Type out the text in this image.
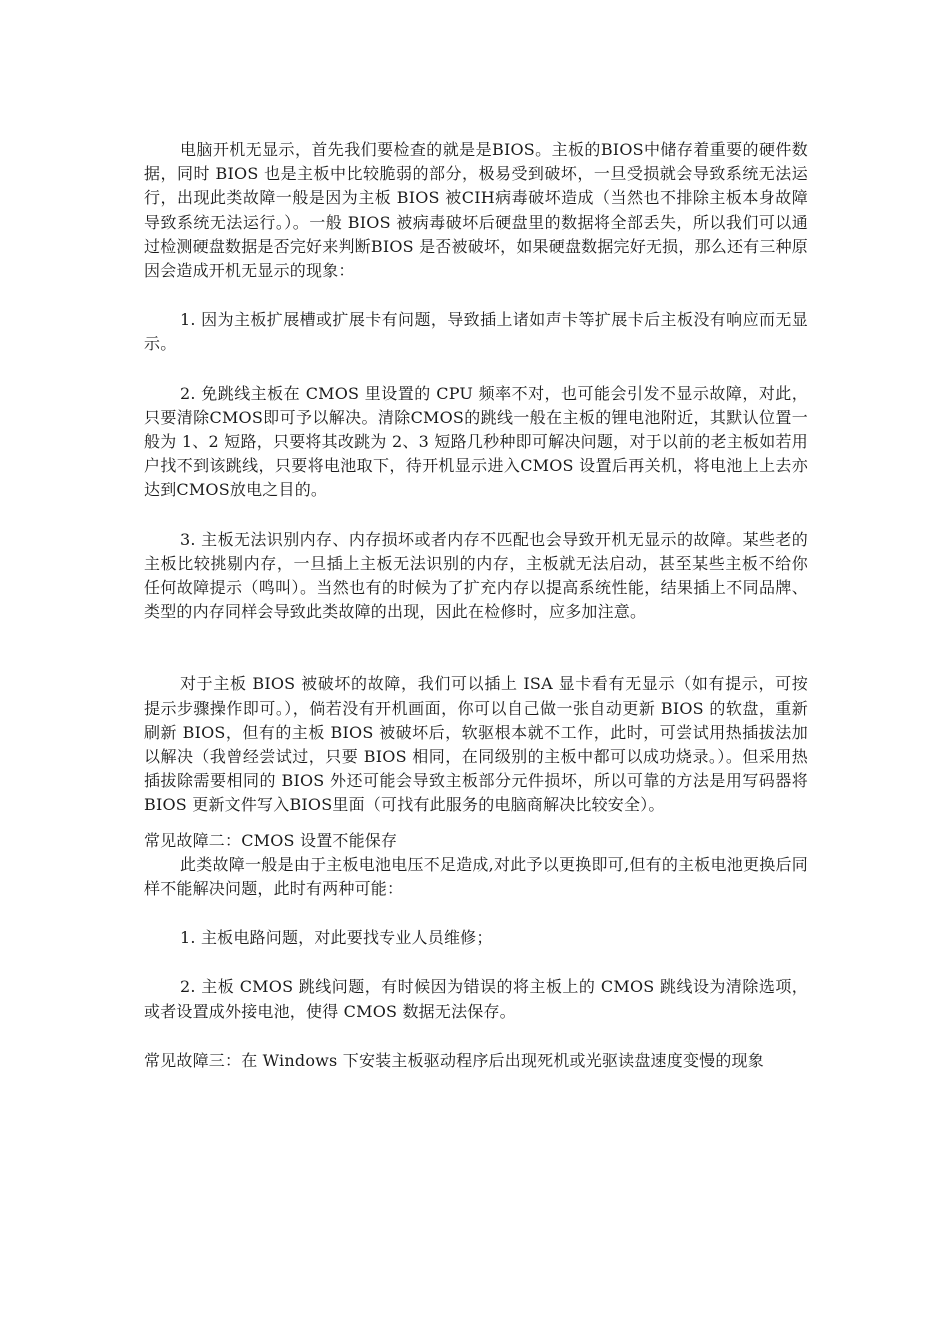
电脑开机无显示，首先我们要检查的就是是BIOS。主板的BIOS中储存着重要的硬件数据，同时 BIOS 也是主板中比较脆弱的部分，极易受到破坏，一旦受损就会导致系统无法运行，出现此类故障一般是因为主板 BIOS 被CIH病毒破坏造成（当然也不排除主板本身故障导致系统无法运行。）。一般 BIOS 被病毒破坏后硬盘里的数据将全部丢失，所以我们可以通过检测硬盘数据是否完好来判断BIOS 是否被破坏，如果硬盘数据完好无损，那么还有三种原因会造成开机无显示的现象：

1. 因为主板扩展槽或扩展卡有问题，导致插上诸如声卡等扩展卡后主板没有响应而无显示。

2. 免跳线主板在 CMOS 里设置的 CPU 频率不对，也可能会引发不显示故障，对此，只要清除CMOS即可予以解决。清除CMOS的跳线一般在主板的锂电池附近，其默认位置一般为 1、2 短路，只要将其改跳为 2、3 短路几秒种即可解决问题，对于以前的老主板如若用户找不到该跳线，只要将电池取下，待开机显示进入CMOS 设置后再关机，将电池上上去亦达到CMOS放电之目的。

3. 主板无法识别内存、内存损坏或者内存不匹配也会导致开机无显示的故障。某些老的主板比较挑剔内存，一旦插上主板无法识别的内存，主板就无法启动，甚至某些主板不给你任何故障提示（鸣叫）。当然也有的时候为了扩充内存以提高系统性能，结果插上不同品牌、类型的内存同样会导致此类故障的出现，因此在检修时，应多加注意。

对于主板 BIOS 被破坏的故障，我们可以插上 ISA 显卡看有无显示（如有提示，可按提示步骤操作即可。），倘若没有开机画面，你可以自己做一张自动更新 BIOS 的软盘，重新刷新 BIOS，但有的主板 BIOS 被破坏后，软驱根本就不工作，此时，可尝试用热插拔法加以解决（我曾经尝试过，只要 BIOS 相同，在同级别的主板中都可以成功烧录。）。但采用热插拔除需要相同的 BIOS 外还可能会导致主板部分元件损坏，所以可靠的方法是用写码器将 BIOS 更新文件写入BIOS里面（可找有此服务的电脑商解决比较安全）。

常见故障二：CMOS 设置不能保存

此类故障一般是由于主板电池电压不足造成,对此予以更换即可,但有的主板电池更换后同样不能解决问题，此时有两种可能：

1. 主板电路问题，对此要找专业人员维修；

2. 主板 CMOS 跳线问题，有时候因为错误的将主板上的 CMOS 跳线设为清除选项，或者设置成外接电池，使得 CMOS 数据无法保存。

常见故障三：在 Windows 下安装主板驱动程序后出现死机或光驱读盘速度变慢的现象
